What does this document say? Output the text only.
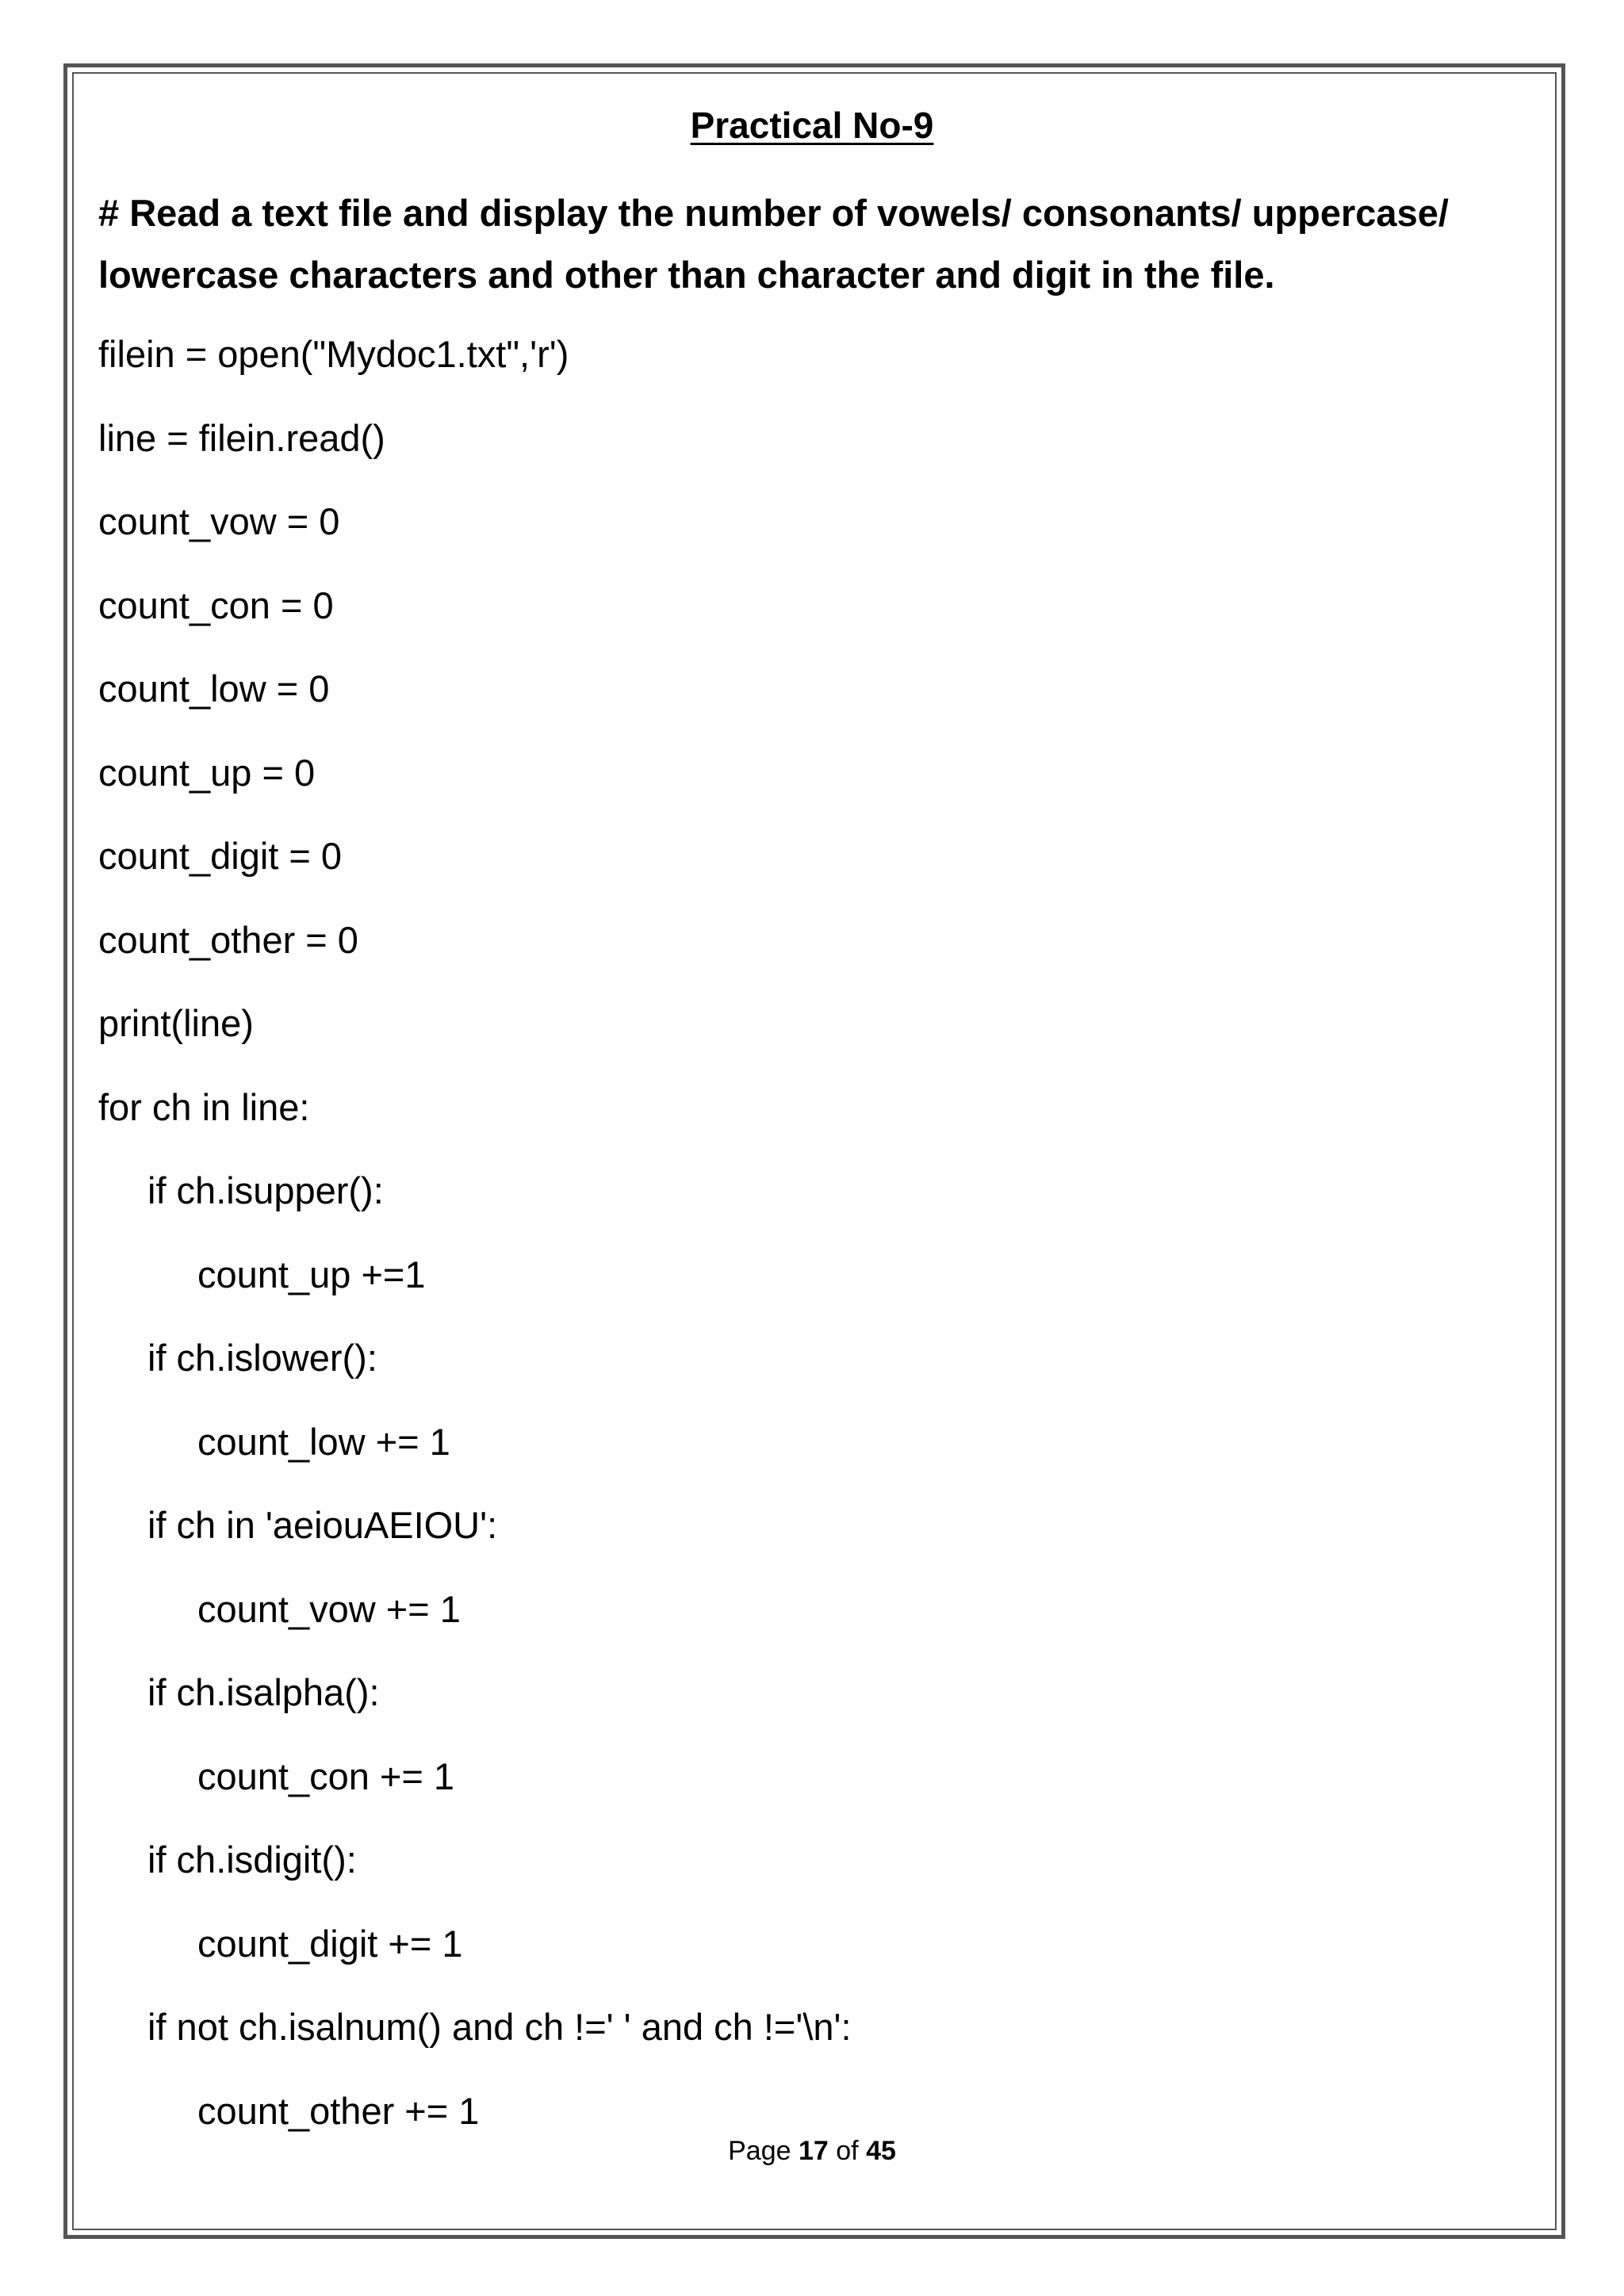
Practical No-9

# Read a text file and display the number of vowels/ consonants/ uppercase/ lowercase characters and other than character and digit in the file.

filein = open("Mydoc1.txt",'r')
line = filein.read()
count_vow = 0
count_con = 0
count_low = 0
count_up = 0
count_digit = 0
count_other = 0
print(line)
for ch in line:
if ch.isupper():
count_up +=1
if ch.islower():
count_low += 1
if ch in 'aeiouAEIOU':
count_vow += 1
if ch.isalpha():
count_con += 1
if ch.isdigit():
count_digit += 1
if not ch.isalnum() and ch !=' ' and ch !='\n':
count_other += 1
Page 17 of 45
